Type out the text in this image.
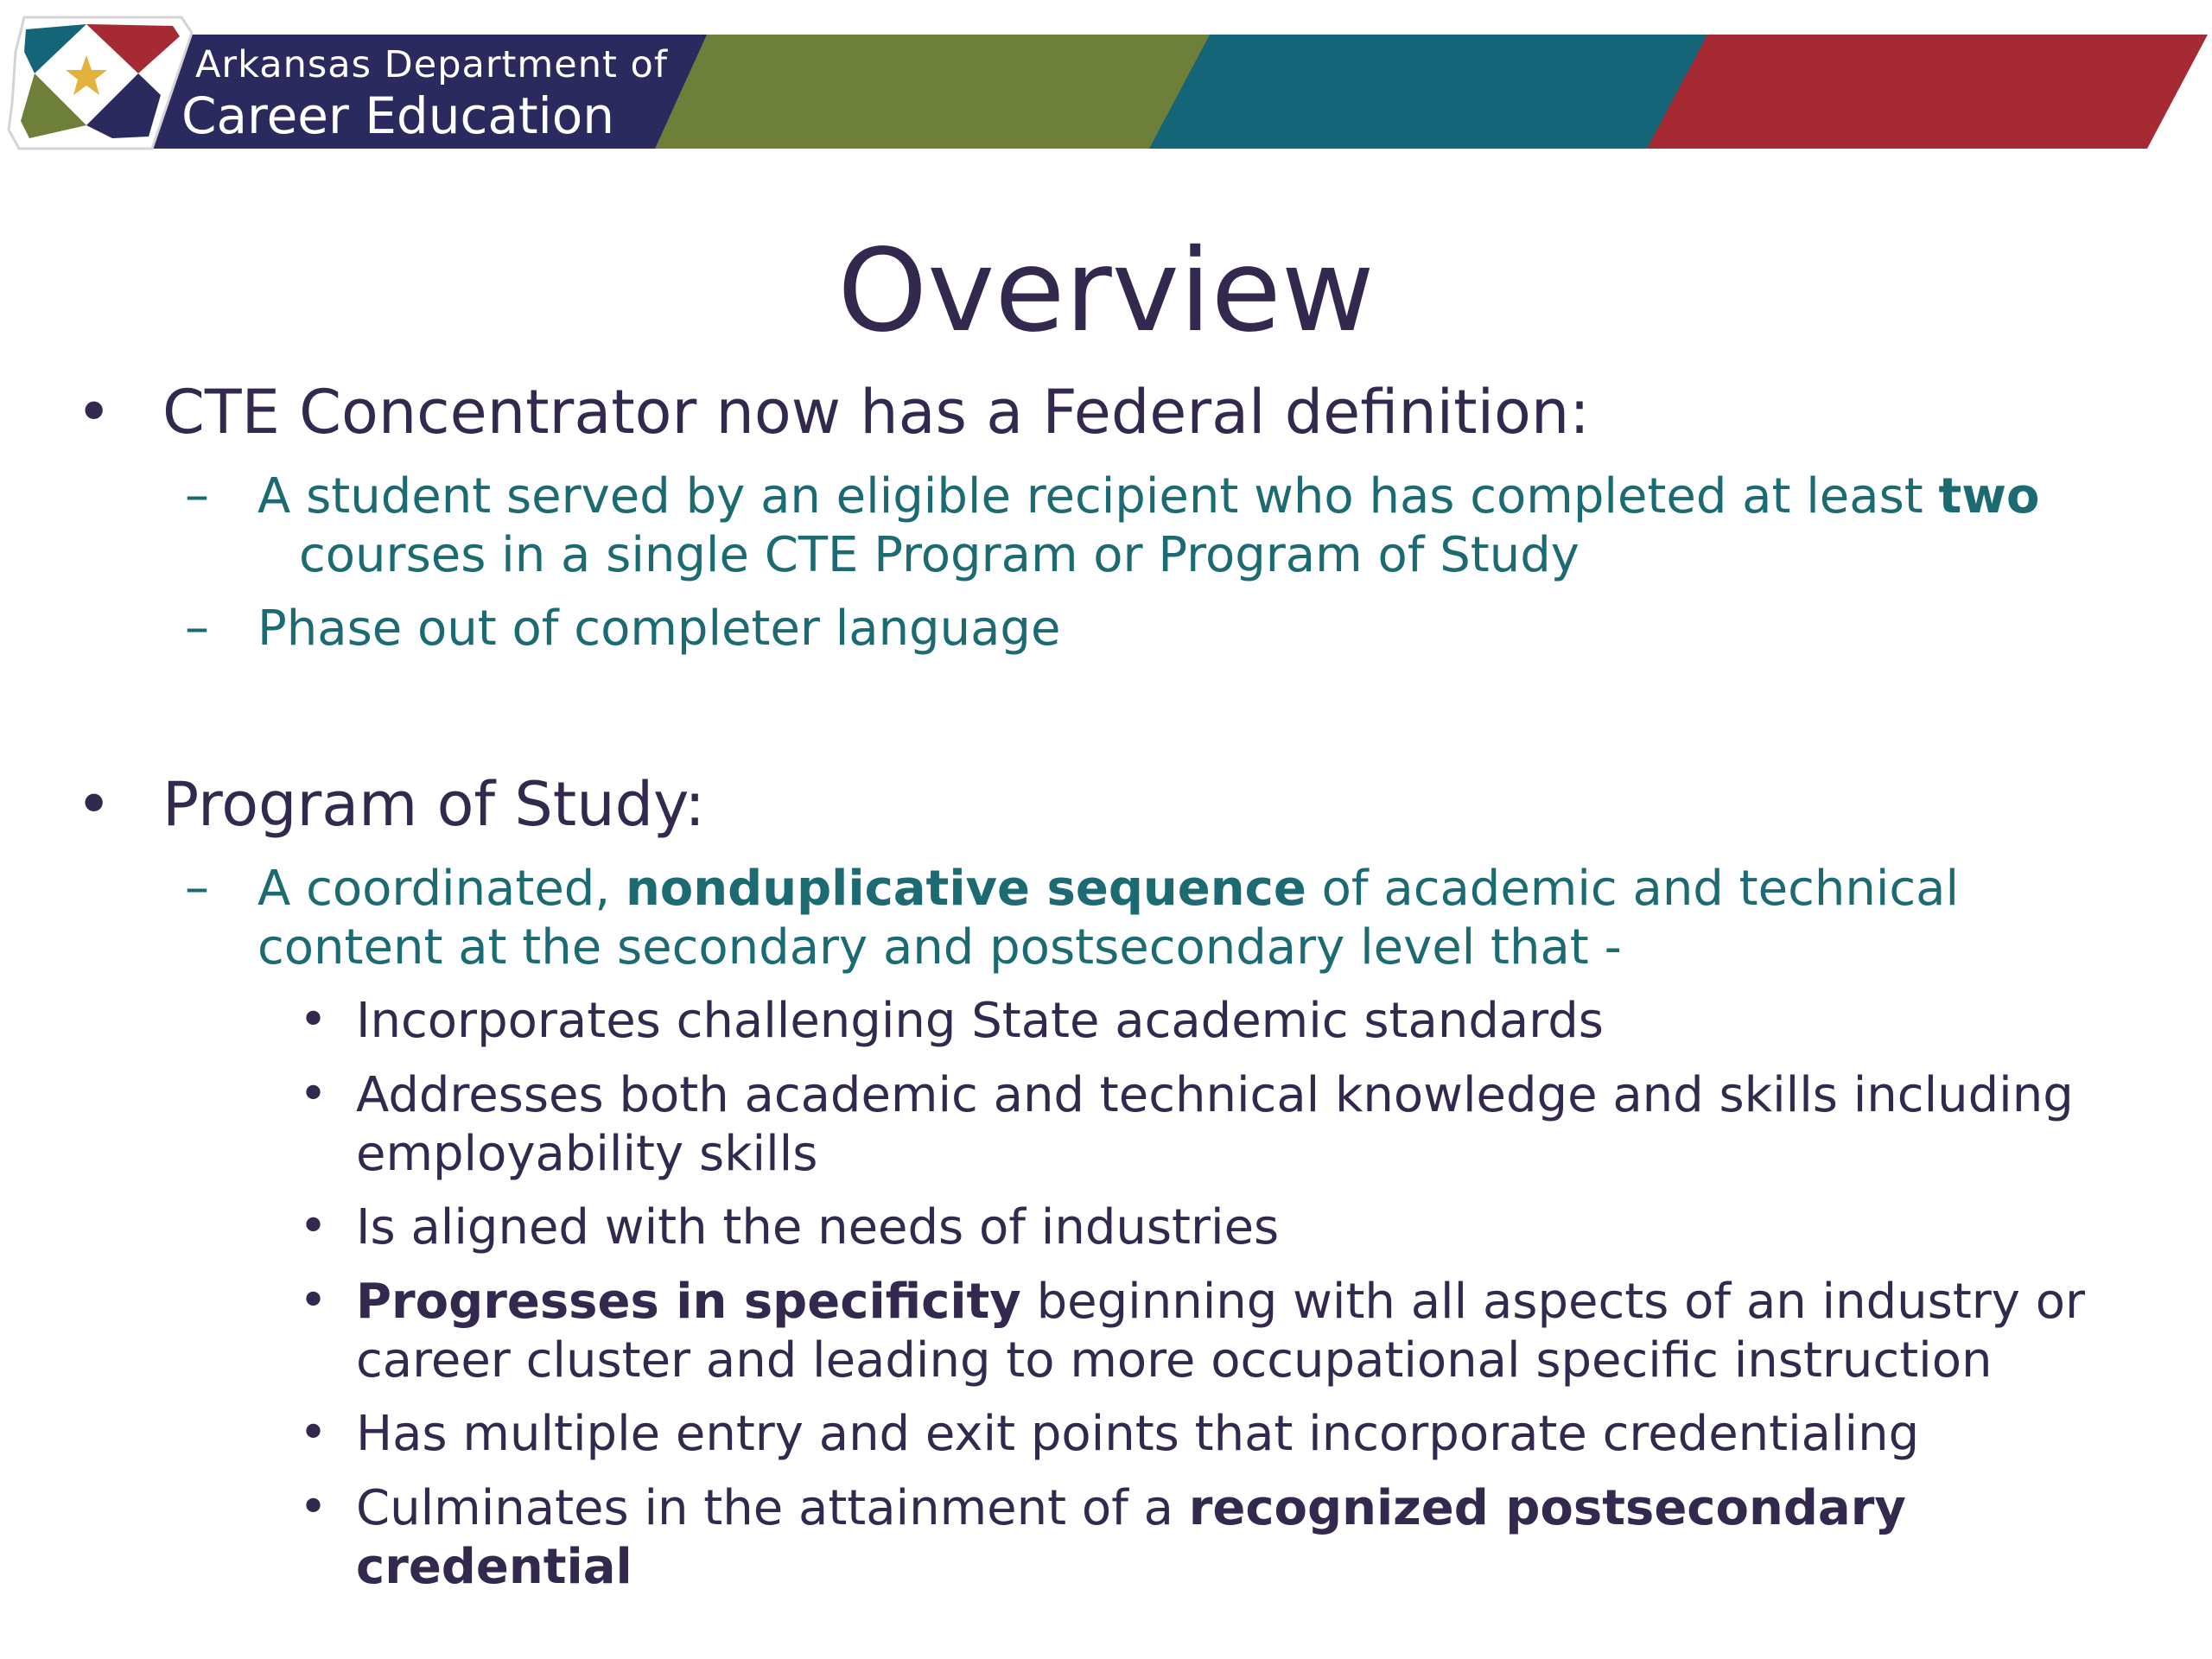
Arkansas Department of
Career Education
Overview
• CTE Concentrator now has a Federal definition:

– A student served by an eligible recipient who has completed at least two
courses in a single CTE Program or Program of Study

– Phase out of completer language

• Program of Study:

– A coordinated, nonduplicative sequence of academic and technical
content at the secondary and postsecondary level that -

• Incorporates challenging State academic standards

• Addresses both academic and technical knowledge and skills including
employability skills

• Is aligned with the needs of industries

• Progresses in specificity beginning with all aspects of an industry or
career cluster and leading to more occupational specific instruction

• Has multiple entry and exit points that incorporate credentialing

• Culminates in the attainment of a recognized postsecondary
credential
